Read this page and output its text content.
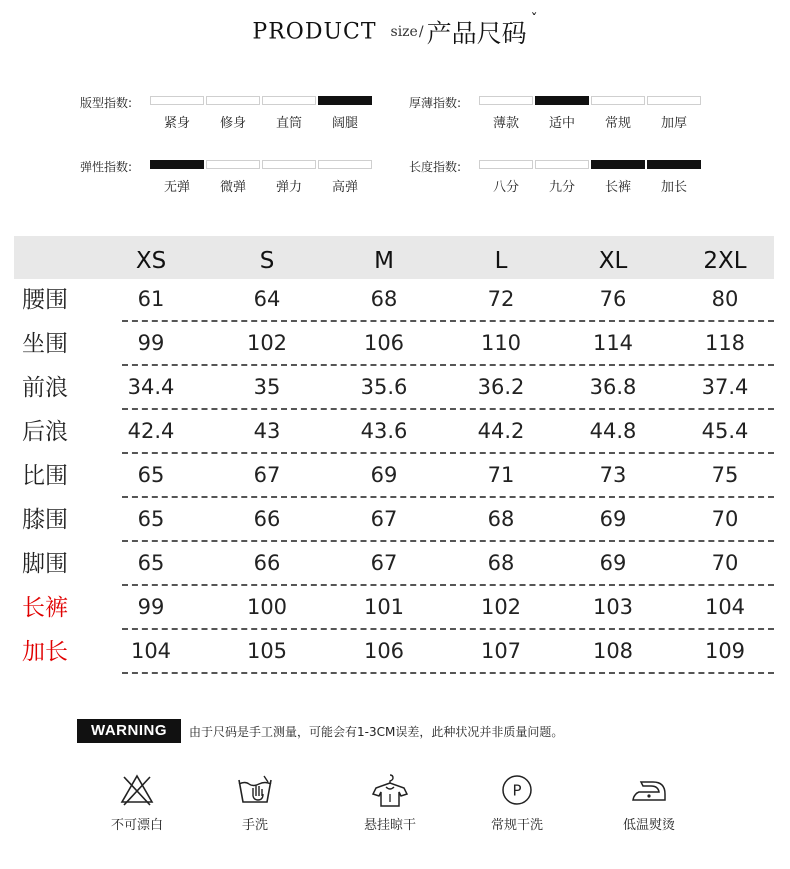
PRODUCT size/ 产品尺码 ˇ
版型指数:
紧身	修身	直筒	阔腿
厚薄指数:
薄款	适中	常规	加厚
弹性指数:
无弹	微弹	弹力	高弹
长度指数:
八分	九分	长裤	加长
XS	S	M	L	XL	2XL
腰围	61	64	68	72	76	80
坐围	99	102	106	110	114	118
前浪	34.4	35	35.6	36.2	36.8	37.4
后浪	42.4	43	43.6	44.2	44.8	45.4
比围	65	67	69	71	73	75
膝围	65	66	67	68	69	70
脚围	65	66	67	68	69	70
长裤	99	100	101	102	103	104
加长	104	105	106	107	108	109
WARNING	由于尺码是手工测量，可能会有1-3CM误差，此种状况并非质量问题。
不可漂白	手洗	悬挂晾干
P
常规干洗	低温熨烫
